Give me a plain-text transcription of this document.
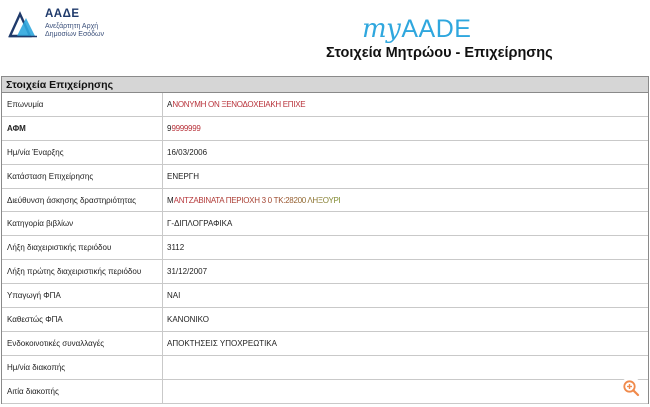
ΑΑΔΕ
Ανεξάρτητη Αρχή
Δημοσίων Εσόδων	my AADE
Στοιχεία Μητρώου - Επιχείρησης
Στοιχεία Επιχείρησης
Επωνυμία	Α ΝΟΝΥΜΗ ΟΝ ΞΕΝΟΔΟΧΕΙΑΚΗ ΕΠΙΧΕ
ΑΦΜ	9 9999999
Ημ/νία Έναρξης	16/03/2006
Κατάσταση Επιχείρησης	ΕΝΕΡΓΗ
Διεύθυνση άσκησης δραστηριότητας	Μ ΑΝΤΖΑΒΙΝΑΤΑ ΠΕΡΙΟΧΗ 3 0 ΤΚ:28200 ΛΗΞΟΥΡΙ
Κατηγορία βιβλίων	Γ-ΔΙΠΛΟΓΡΑΦΙΚΑ
Λήξη διαχειριστικής περιόδου	3112
Λήξη πρώτης διαχειριστικής περιόδου	31/12/2007
Υπαγωγή ΦΠΑ	ΝΑΙ
Καθεστώς ΦΠΑ	ΚΑΝΟΝΙΚΟ
Ενδοκοινοτικές συναλλαγές	ΑΠΟΚΤΗΣΕΙΣ ΥΠΟΧΡΕΩΤΙΚΑ
Ημ/νία διακοπής
Αιτία διακοπής
